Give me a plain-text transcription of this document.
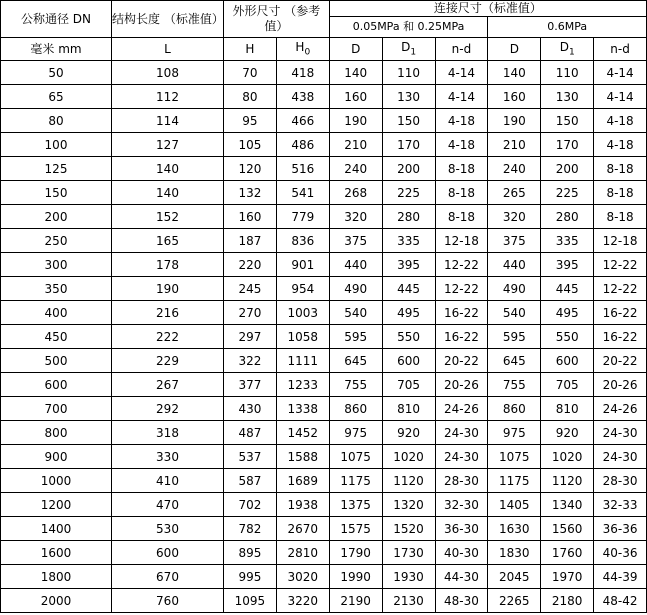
公称通径 DN	结构长度 （标准值）	外形尺寸 （参考值）		连接尺寸（标准值）					
				0.05MPa 和 0.25MPa			0.6MPa		
毫米 mm	L	H	$H_0$	D	$D_1$	n-d	D	$D_1$	n-d
50	108	70	418	140	110	4-14	140	110	4-14
65	112	80	438	160	130	4-14	160	130	4-14
80	114	95	466	190	150	4-18	190	150	4-18
100	127	105	486	210	170	4-18	210	170	4-18
125	140	120	516	240	200	8-18	240	200	8-18
150	140	132	541	268	225	8-18	265	225	8-18
200	152	160	779	320	280	8-18	320	280	8-18
250	165	187	836	375	335	12-18	375	335	12-18
300	178	220	901	440	395	12-22	440	395	12-22
350	190	245	954	490	445	12-22	490	445	12-22
400	216	270	1003	540	495	16-22	540	495	16-22
450	222	297	1058	595	550	16-22	595	550	16-22
500	229	322	1111	645	600	20-22	645	600	20-22
600	267	377	1233	755	705	20-26	755	705	20-26
700	292	430	1338	860	810	24-26	860	810	24-26
800	318	487	1452	975	920	24-30	975	920	24-30
900	330	537	1588	1075	1020	24-30	1075	1020	24-30
1000	410	587	1689	1175	1120	28-30	1175	1120	28-30
1200	470	702	1938	1375	1320	32-30	1405	1340	32-33
1400	530	782	2670	1575	1520	36-30	1630	1560	36-36
1600	600	895	2810	1790	1730	40-30	1830	1760	40-36
1800	670	995	3020	1990	1930	44-30	2045	1970	44-39
2000	760	1095	3220	2190	2130	48-30	2265	2180	48-42
